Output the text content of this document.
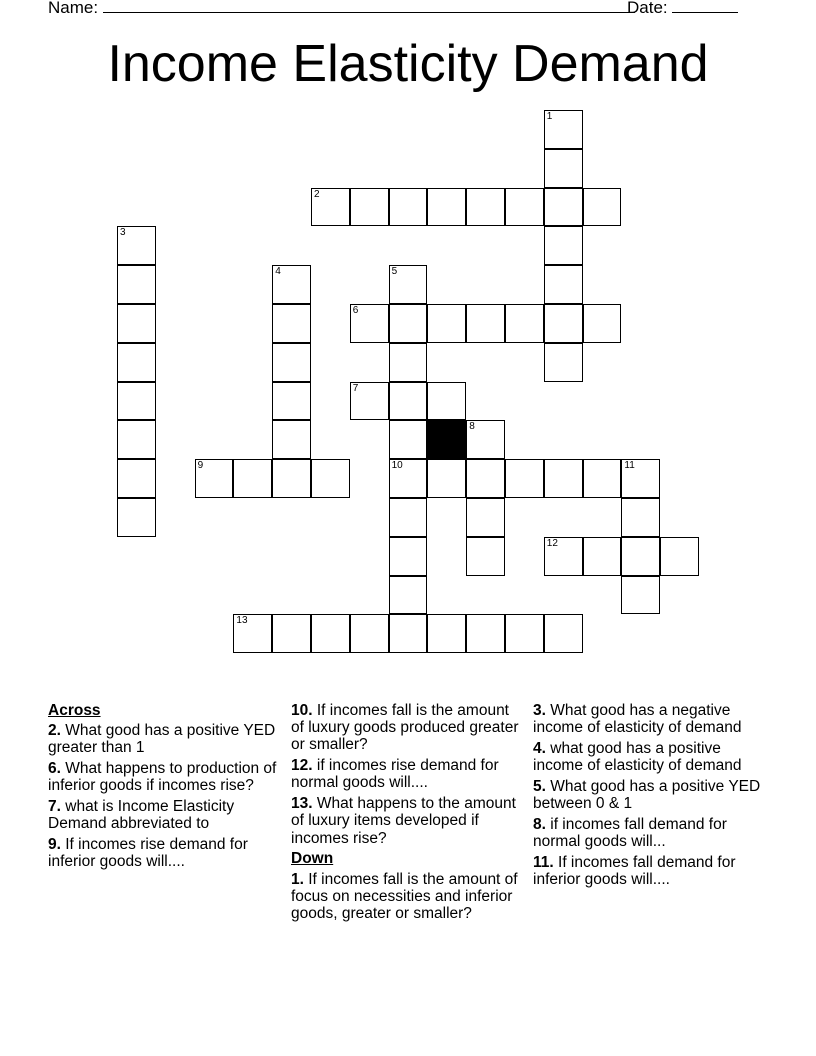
Name:	Date:
Income Elasticity Demand
1
2
3
4	5
10
6
7
8
9	11
12
13
Across
2. What good has a positive YED greater than 1
6. What happens to production of inferior goods if incomes rise?
7. what is Income Elasticity Demand abbreviated to
9. If incomes rise demand for inferior goods will....
10. If incomes fall is the amount of luxury goods produced greater or smaller?
12. if incomes rise demand for normal goods will....
13. What happens to the amount of luxury items developed if incomes rise?
Down
1. If incomes fall is the amount of focus on necessities and inferior goods, greater or smaller?
3. What good has a negative income of elasticity of demand
4. what good has a positive income of elasticity of demand
5. What good has a positive YED between 0 & 1
8. if incomes fall demand for normal goods will...
11. If incomes fall demand for inferior goods will....
